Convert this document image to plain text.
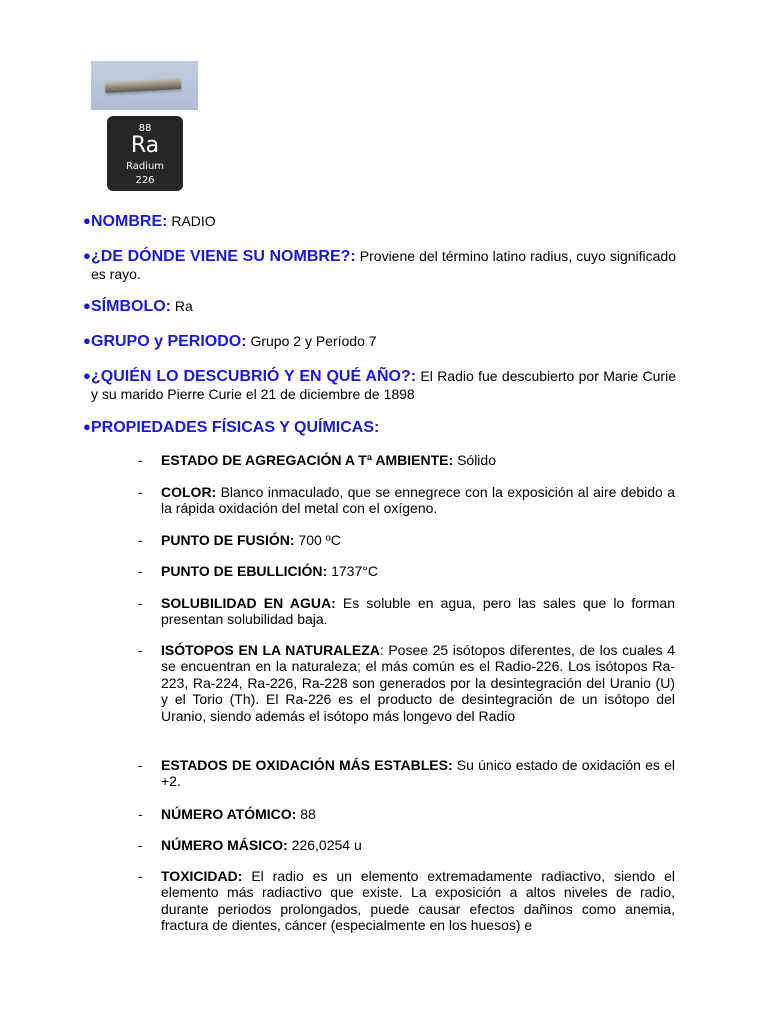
88
Ra
Radium
226
● NOMBRE: RADIO
● ¿DE DÓNDE VIENE SU NOMBRE?: Proviene del término latino radius, cuyo significado es rayo.
● SÍMBOLO: Ra
● GRUPO y PERIODO: Grupo 2 y Período 7
● ¿QUIÉN LO DESCUBRIÓ Y EN QUÉ AÑO?: El Radio fue descubierto por Marie Curie y su marido Pierre Curie el 21 de diciembre de 1898
● PROPIEDADES FÍSICAS Y QUÍMICAS:
- ESTADO DE AGREGACIÓN A Tª AMBIENTE: Sólido
- COLOR: Blanco inmaculado, que se ennegrece con la exposición al aire debido a la rápida oxidación del metal con el oxígeno.
- PUNTO DE FUSIÓN: 700 ºC
- PUNTO DE EBULLICIÓN: 1737°C
- SOLUBILIDAD EN AGUA: Es soluble en agua, pero las sales que lo forman presentan solubilidad baja.
- ISÓTOPOS EN LA NATURALEZA: Posee 25 isótopos diferentes, de los cuales 4 se encuentran en la naturaleza; el más común es el Radio-226. Los isótopos Ra-223, Ra-224, Ra-226, Ra-228 son generados por la desintegración del Uranio (U) y el Torio (Th). El Ra-226 es el producto de desintegración de un isótopo del Uranio, siendo además el isótopo más longevo del Radio
- ESTADOS DE OXIDACIÓN MÁS ESTABLES: Su único estado de oxidación es el +2.
- NÚMERO ATÓMICO: 88
- NÚMERO MÁSICO: 226,0254 u
- TOXICIDAD: El radio es un elemento extremadamente radiactivo, siendo el elemento más radiactivo que existe. La exposición a altos niveles de radio, durante periodos prolongados, puede causar efectos dañinos como anemia, fractura de dientes, cáncer (especialmente en los huesos) e
